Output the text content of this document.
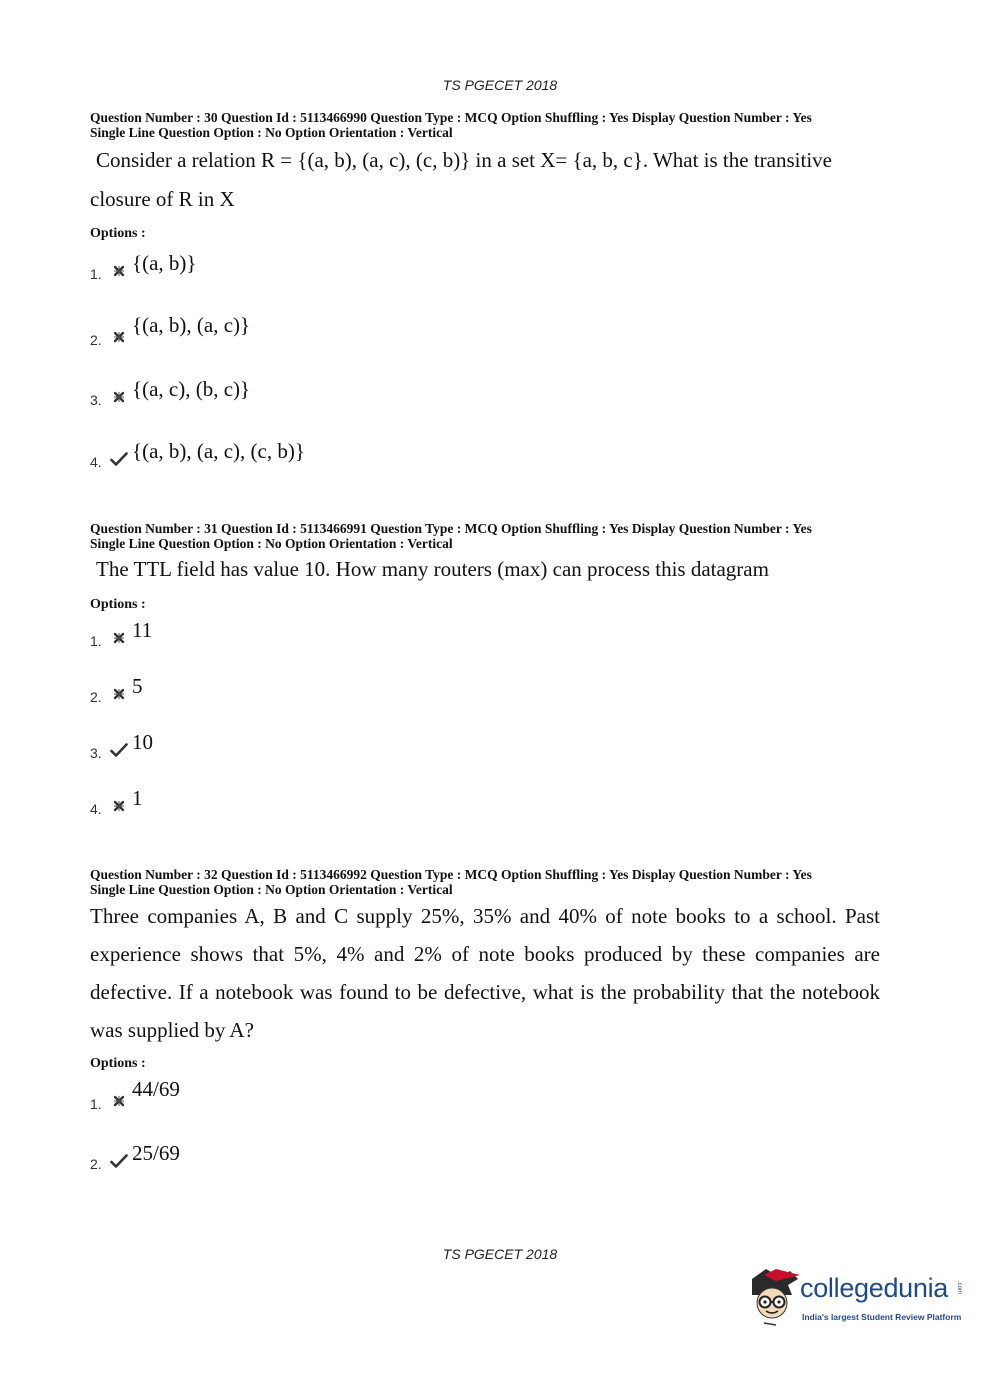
TS PGECET 2018
Question Number : 30 Question Id : 5113466990 Question Type : MCQ Option Shuffling : Yes Display Question Number : Yes
Single Line Question Option : No Option Orientation : Vertical
Consider a relation R = {(a, b), (a, c), (c, b)} in a set X= {a, b, c}. What is the transitive
closure of R in X
Options :
1.	{(a, b)}
2.
{(a, b), (a, c)}
3.	{(a, c), (b, c)}
4.	{(a, b), (a, c), (c, b)}
Question Number : 31 Question Id : 5113466991 Question Type : MCQ Option Shuffling : Yes Display Question Number : Yes
Single Line Question Option : No Option Orientation : Vertical
The TTL field has value 10. How many routers (max) can process this datagram
Options :
1.	11
2.	5
3.	10
4.	1
Question Number : 32 Question Id : 5113466992 Question Type : MCQ Option Shuffling : Yes Display Question Number : Yes
Single Line Question Option : No Option Orientation : Vertical
Three companies A, B and C supply 25%, 35% and 40% of note books to a school. Past experience shows that 5%, 4% and 2% of note books produced by these companies are defective. If a notebook was found to be defective, what is the probability that the notebook was supplied by A?
Options :
1.
44/69
2.	25/69
TS PGECET 2018
collegedunia .com
India's largest Student Review Platform
